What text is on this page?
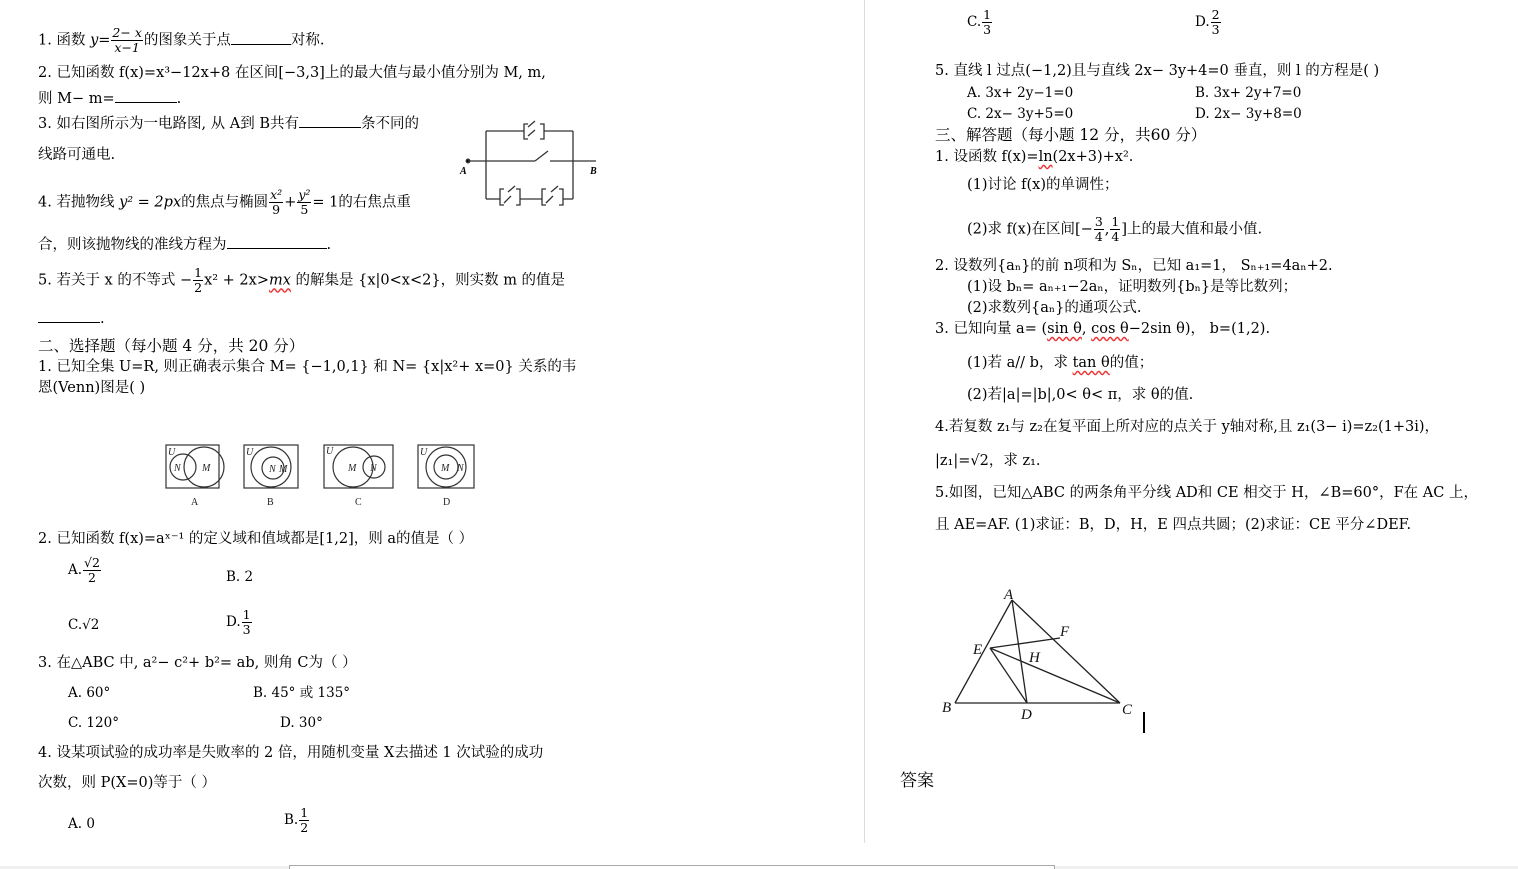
1. 函数 $y= \frac{2- x}{x-1}$ 的图象关于点	对称.
2. 已知函数 f(x)=x³−12x+8 在区间[−3,3]上的最大值与最小值分别为 M, m,
则 M− m=	.
3. 如右图所示为一电路图, 从 A到 B共有	条不同的
线路可通电.
A	B
4. 若抛物线 y² = 2px的焦点与椭圆 $\frac{\text{x²}}{9} + \frac{\text{y²}}{5} = 1$的右焦点重
合，则该抛物线的准线方程为	.
5. 若关于 x 的不等式 − $\frac{1}{2} x^2 + 2x>mx$ 的解集是 {x|0<x<2}，则实数 m 的值是
.
二、选择题（每小题 4 分，共 20 分）
1. 已知全集 U=R, 则正确表示集合 M= {−1,0,1} 和 N= {x|x²+ x=0} 关系的韦
恩(Venn)图是( )
U
N M
U
N M
U
M N
U
M N
A	B	C	D
2. 已知函数 f(x)=aˣ⁻¹ 的定义域和值域都是[1,2]，则 a的值是（ ）
A. $\frac{√2}{2}$	B. 2
C.√2	D. $\frac{1}{3}$
3. 在△ABC 中, a²− c²+ b²= ab, 则角 C为（ ）
A. 60°	B. 45° 或 135°
C. 120°	D. 30°
4. 设某项试验的成功率是失败率的 2 倍，用随机变量 X去描述 1 次试验的成功
次数，则 P(X=0)等于（ ）
A. 0	B. $\frac{1}{2}$
C. $\frac{1}{3}$	D. $\frac{2}{3}$
5. 直线 l 过点(−1,2)且与直线 2x− 3y+4=0 垂直，则 l 的方程是( )
A. 3x+ 2y−1=0	B. 3x+ 2y+7=0
C. 2x− 3y+5=0	D. 2x− 3y+8=0
三、解答题（每小题 12 分，共60 分）
1. 设函数 f(x)=ln(2x+3)+x².
(1)讨论 f(x)的单调性；
(2)求 f(x)在区间[− $\frac{3}{4}$ , $\frac{1}{4}$ ]上的最大值和最小值.
2. 设数列{aₙ}的前 n项和为 Sₙ，已知 a₁=1， Sₙ₊₁=4aₙ+2.
(1)设 bₙ= aₙ₊₁−2aₙ，证明数列{bₙ}是等比数列；
(2)求数列{aₙ}的通项公式.
3. 已知向量 a= (sin θ, cos θ−2sin θ)， b=(1,2).
(1)若 a// b，求 tan θ的值；
(2)若|a|=|b|,0< θ< π，求 θ的值.
4.若复数 z₁与 z₂在复平面上所对应的点关于 y轴对称,且 z₁(3− i)=z₂(1+3i)，
|z₁|=√2，求 z₁.
5.如图，已知△ABC 的两条角平分线 AD和 CE 相交于 H，∠B=60°，F在 AC 上，
且 AE=AF. (1)求证：B，D，H，E 四点共圆；(2)求证：CE 平分∠DEF.
A
B	C
D
E
F
H
答案
